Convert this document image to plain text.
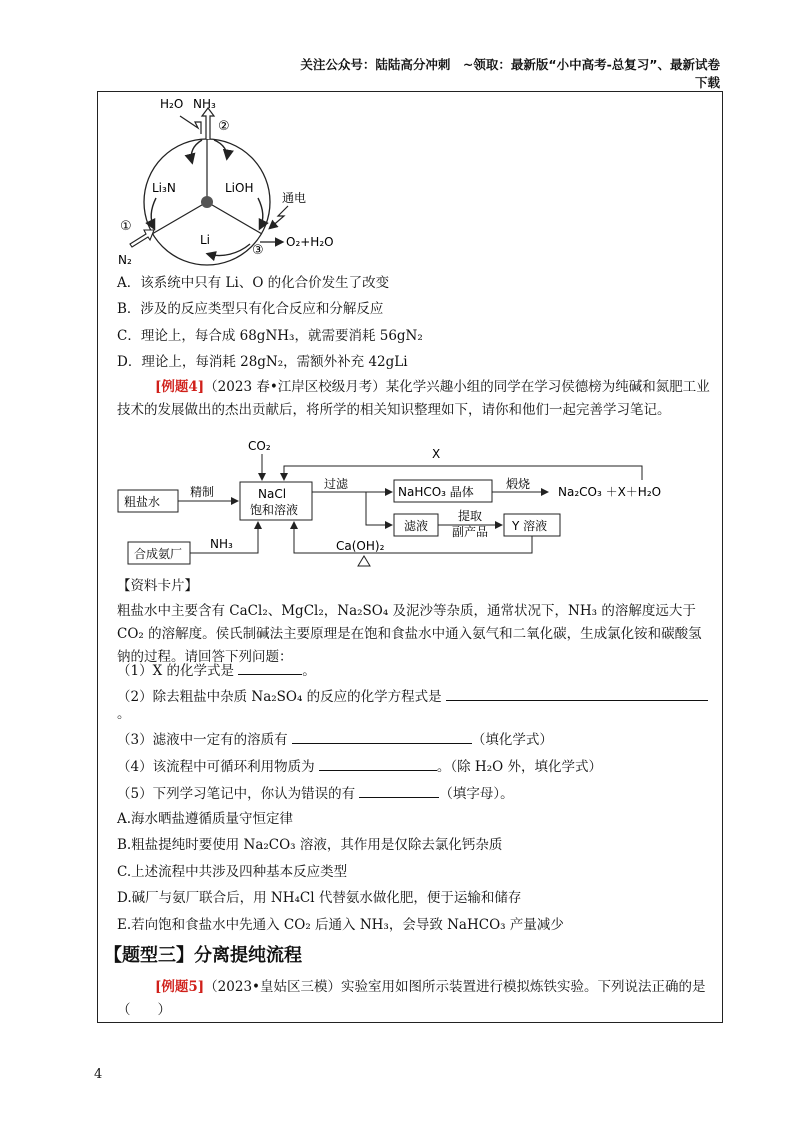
关注公众号：陆陆高分冲刺　~领取：最新版“小中高考-总复习”、最新试卷下载
H₂O NH₃
②
Li₃N	LiOH
Li
①
N₂
通电
③
O₂+H₂O
A．该系统中只有 Li、O 的化合价发生了改变
B．涉及的反应类型只有化合反应和分解反应
C．理论上，每合成 68gNH₃，就需要消耗 56gN₂
D．理论上，每消耗 28gN₂，需额外补充 42gLi
[例题4]（2023 春•江岸区校级月考）某化学兴趣小组的同学在学习侯德榜为纯碱和氮肥工业技术的发展做出的杰出贡献后，将所学的相关知识整理如下，请你和他们一起完善学习笔记。
CO₂
X
粗盐水
精制	NaCl
饱和溶液
过滤
NaHCO₃ 晶体
煅烧
Na₂CO₃ ＋X＋H₂O
滤液
提取
副产品 Y 溶液
合成氨厂
NH₃	Ca(OH)₂
【资料卡片】
粗盐水中主要含有 CaCl₂、MgCl₂，Na₂SO₄ 及泥沙等杂质，通常状况下，NH₃ 的溶解度远大于 CO₂ 的溶解度。侯氏制碱法主要原理是在饱和食盐水中通入氨气和二氧化碳，生成氯化铵和碳酸氢钠的过程。请回答下列问题：
（1）X 的化学式是	。
（2）除去粗盐中杂质 Na₂SO₄ 的反应的化学方程式是
。
（3）滤液中一定有的溶质有	（填化学式）
（4）该流程中可循环利用物质为	。（除 H₂O 外，填化学式）
（5）下列学习笔记中，你认为错误的有	（填字母）。
A.海水晒盐遵循质量守恒定律
B.粗盐提纯时要使用 Na₂CO₃ 溶液，其作用是仅除去氯化钙杂质
C.上述流程中共涉及四种基本反应类型
D.碱厂与氨厂联合后，用 NH₄Cl 代替氨水做化肥，便于运输和储存
E.若向饱和食盐水中先通入 CO₂ 后通入 NH₃，会导致 NaHCO₃ 产量减少
【题型三】分离提纯流程
[例题5]（2023•皇姑区三模）实验室用如图所示装置进行模拟炼铁实验。下列说法正确的是（　　）
4
